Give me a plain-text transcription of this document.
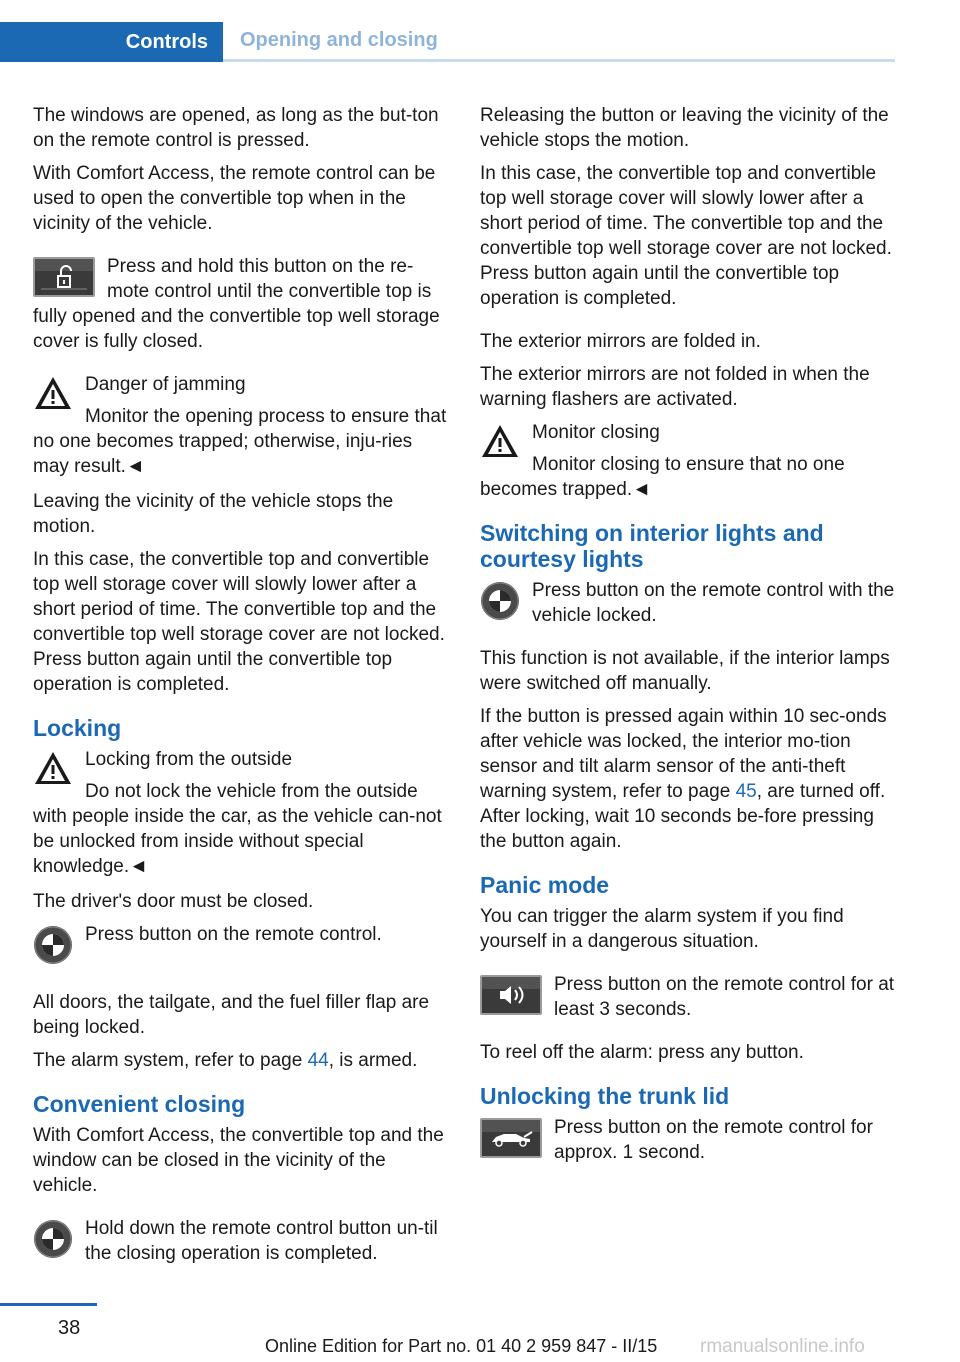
Controls	Opening and closing

The windows are opened, as long as the but-ton on the remote control is pressed.

With Comfort Access, the remote control can be used to open the convertible top when in the vicinity of the vehicle.

Press and hold this button on the re-mote control until the convertible top is fully opened and the convertible top well storage cover is fully closed.
Danger of jamming
Monitor the opening process to ensure that no one becomes trapped; otherwise, inju-ries may result.◄

Leaving the vicinity of the vehicle stops the motion.

In this case, the convertible top and convertible top well storage cover will slowly lower after a short period of time. The convertible top and the convertible top well storage cover are not locked. Press button again until the convertible top operation is completed.

Locking
Locking from the outside
Do not lock the vehicle from the outside with people inside the car, as the vehicle can-not be unlocked from inside without special knowledge.◄

The driver's door must be closed.

Press button on the remote control.

All doors, the tailgate, and the fuel filler flap are being locked.

The alarm system, refer to page 44, is armed.

Convenient closing

With Comfort Access, the convertible top and the window can be closed in the vicinity of the vehicle.

Hold down the remote control button un-til the closing operation is completed.

Releasing the button or leaving the vicinity of the vehicle stops the motion.

In this case, the convertible top and convertible top well storage cover will slowly lower after a short period of time. The convertible top and the convertible top well storage cover are not locked. Press button again until the convertible top operation is completed.

The exterior mirrors are folded in.

The exterior mirrors are not folded in when the warning flashers are activated.

Monitor closing
Monitor closing to ensure that no one becomes trapped.◄
Switching on interior lights and courtesy lights
Press button on the remote control with the vehicle locked.

This function is not available, if the interior lamps were switched off manually.

If the button is pressed again within 10 sec-onds after vehicle was locked, the interior mo-tion sensor and tilt alarm sensor of the anti-theft warning system, refer to page 45, are turned off. After locking, wait 10 seconds be-fore pressing the button again.

Panic mode

You can trigger the alarm system if you find yourself in a dangerous situation.

Press button on the remote control for at least 3 seconds.

To reel off the alarm: press any button.

Unlocking the trunk lid
Press button on the remote control for approx. 1 second.
38
Online Edition for Part no. 01 40 2 959 847 - II/15 rmanualsonline.info
